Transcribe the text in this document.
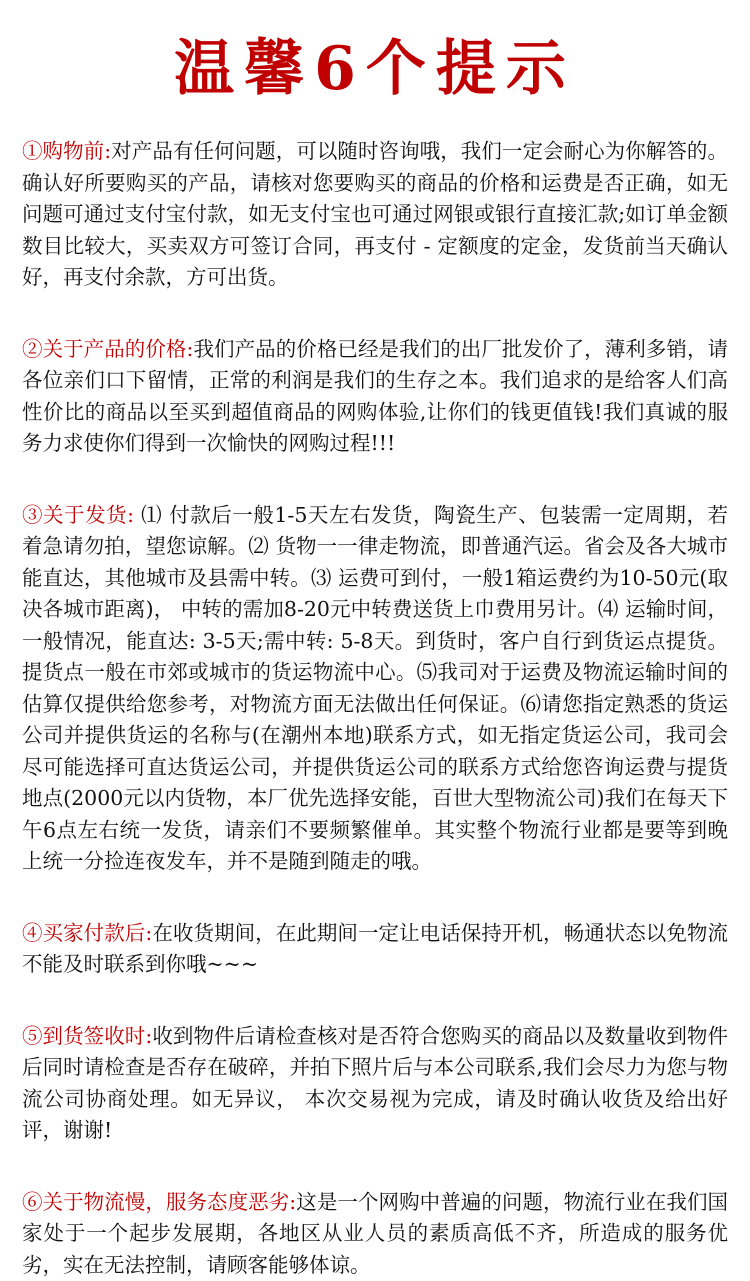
温馨6个提示
①购物前:对产品有任何问题，可以随时咨询哦，我们一定会耐心为你解答的。确认好所要购买的产品，请核对您要购买的商品的价格和运费是否正确，如无问题可通过支付宝付款，如无支付宝也可通过网银或银行直接汇款;如订单金额数目比较大，买卖双方可签订合同，再支付 - 定额度的定金，发货前当天确认好，再支付余款，方可出货。
②关于产品的价格:我们产品的价格已经是我们的出厂批发价了，薄利多销，请各位亲们口下留情，正常的利润是我们的生存之本。我们追求的是给客人们高性价比的商品以至买到超值商品的网购体验,让你们的钱更值钱!我们真诚的服务力求使你们得到一次愉快的网购过程!!!
③关于发货: ⑴ 付款后一般1-5天左右发货，陶瓷生产、包装需一定周期，若着急请勿拍，望您谅解。⑵ 货物一一律走物流，即普通汽运。省会及各大城市能直达，其他城市及县需中转。⑶ 运费可到付，一般1箱运费约为10-50元(取决各城市距离)， 中转的需加8-20元中转费送货上巾费用另计。⑷ 运输时间，一般情况，能直达: 3-5天;需中转: 5-8天。到货时，客户自行到货运点提货。提货点一般在市郊或城市的货运物流中心。⑸我司对于运费及物流运输时间的估算仅提供给您参考，对物流方面无法做出任何保证。⑹请您指定熟悉的货运公司并提供货运的名称与(在潮州本地)联系方式，如无指定货运公司，我司会尽可能选择可直达货运公司，并提供货运公司的联系方式给您咨询运费与提货地点(2000元以内货物，本厂优先选择安能，百世大型物流公司)我们在每天下午6点左右统一发货，请亲们不要频繁催单。其实整个物流行业都是要等到晚上统一分捡连夜发车，并不是随到随走的哦。
④买家付款后:在收货期间，在此期间一定让电话保持开机，畅通状态以免物流不能及时联系到你哦~~~
⑤到货签收时:收到物件后请检查核对是否符合您购买的商品以及数量收到物件后同时请检查是否存在破碎，并拍下照片后与本公司联系,我们会尽力为您与物流公司协商处理。如无异议， 本次交易视为完成，请及时确认收货及给出好评，谢谢!
⑥关于物流慢，服务态度恶劣:这是一个网购中普遍的问题，物流行业在我们国家处于一个起步发展期，各地区从业人员的素质高低不齐，所造成的服务优劣，实在无法控制，请顾客能够体谅。
